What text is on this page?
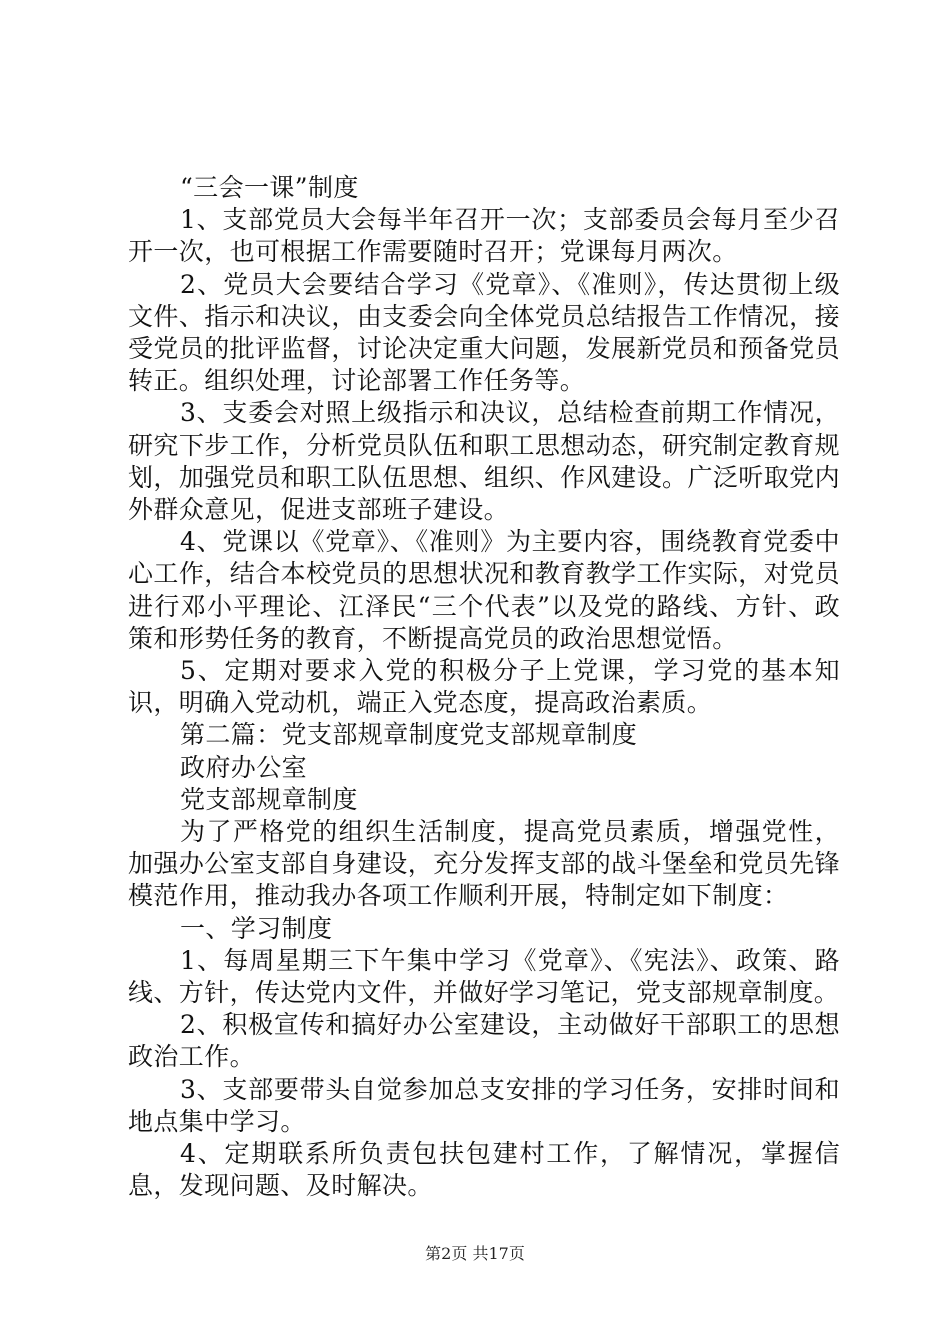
“三会一课”制度

1、支部党员大会每半年召开一次；支部委员会每月至少召开一次，也可根据工作需要随时召开；党课每月两次。

2、党员大会要结合学习《党章》、《准则》，传达贯彻上级文件、指示和决议，由支委会向全体党员总结报告工作情况，接受党员的批评监督，讨论决定重大问题，发展新党员和预备党员转正。组织处理，讨论部署工作任务等。

3、支委会对照上级指示和决议，总结检查前期工作情况，研究下步工作，分析党员队伍和职工思想动态，研究制定教育规划，加强党员和职工队伍思想、组织、作风建设。广泛听取党内外群众意见，促进支部班子建设。

4、党课以《党章》、《准则》为主要内容，围绕教育党委中心工作，结合本校党员的思想状况和教育教学工作实际，对党员进行邓小平理论、江泽民“三个代表”以及党的路线、方针、政策和形势任务的教育，不断提高党员的政治思想觉悟。

5、定期对要求入党的积极分子上党课，学习党的基本知识，明确入党动机，端正入党态度，提高政治素质。

第二篇：党支部规章制度党支部规章制度

政府办公室

党支部规章制度

为了严格党的组织生活制度，提高党员素质，增强党性，加强办公室支部自身建设，充分发挥支部的战斗堡垒和党员先锋模范作用，推动我办各项工作顺利开展，特制定如下制度：

一、学习制度

1、每周星期三下午集中学习《党章》、《宪法》、政策、路线、方针，传达党内文件，并做好学习笔记，党支部规章制度。

2、积极宣传和搞好办公室建设，主动做好干部职工的思想政治工作。

3、支部要带头自觉参加总支安排的学习任务，安排时间和地点集中学习。

4、定期联系所负责包扶包建村工作，了解情况，掌握信息，发现问题、及时解决。

第2页 共17页
